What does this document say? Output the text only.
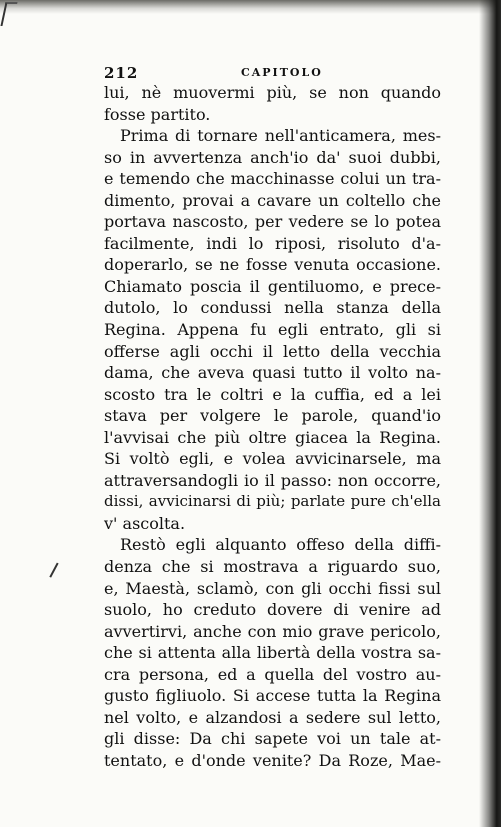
212	CAPITOLO
lui, nè muovermi più, se non quando
fosse partito.
Prima di tornare nell'anticamera, mes-
so in avvertenza anch'io da' suoi dubbi,
e temendo che macchinasse colui un tra-
dimento, provai a cavare un coltello che
portava nascosto, per vedere se lo potea
facilmente, indi lo riposi, risoluto d'a-
doperarlo, se ne fosse venuta occasione.
Chiamato poscia il gentiluomo, e prece-
dutolo, lo condussi nella stanza della
Regina. Appena fu egli entrato, gli si
offerse agli occhi il letto della vecchia
dama, che aveva quasi tutto il volto na-
scosto tra le coltri e la cuffia, ed a lei
stava per volgere le parole, quand'io
l'avvisai che più oltre giacea la Regina.
Si voltò egli, e volea avvicinarsele, ma
attraversandogli io il passo: non occorre,
dissi, avvicinarsi di più; parlate pure ch'ella
v' ascolta.
Restò egli alquanto offeso della diffi-
denza che si mostrava a riguardo suo,
e, Maestà, sclamò, con gli occhi fissi sul
suolo, ho creduto dovere di venire ad
avvertirvi, anche con mio grave pericolo,
che si attenta alla libertà della vostra sa-
cra persona, ed a quella del vostro au-
gusto figliuolo. Si accese tutta la Regina
nel volto, e alzandosi a sedere sul letto,
gli disse: Da chi sapete voi un tale at-
tentato, e d'onde venite? Da Roze, Mae-
